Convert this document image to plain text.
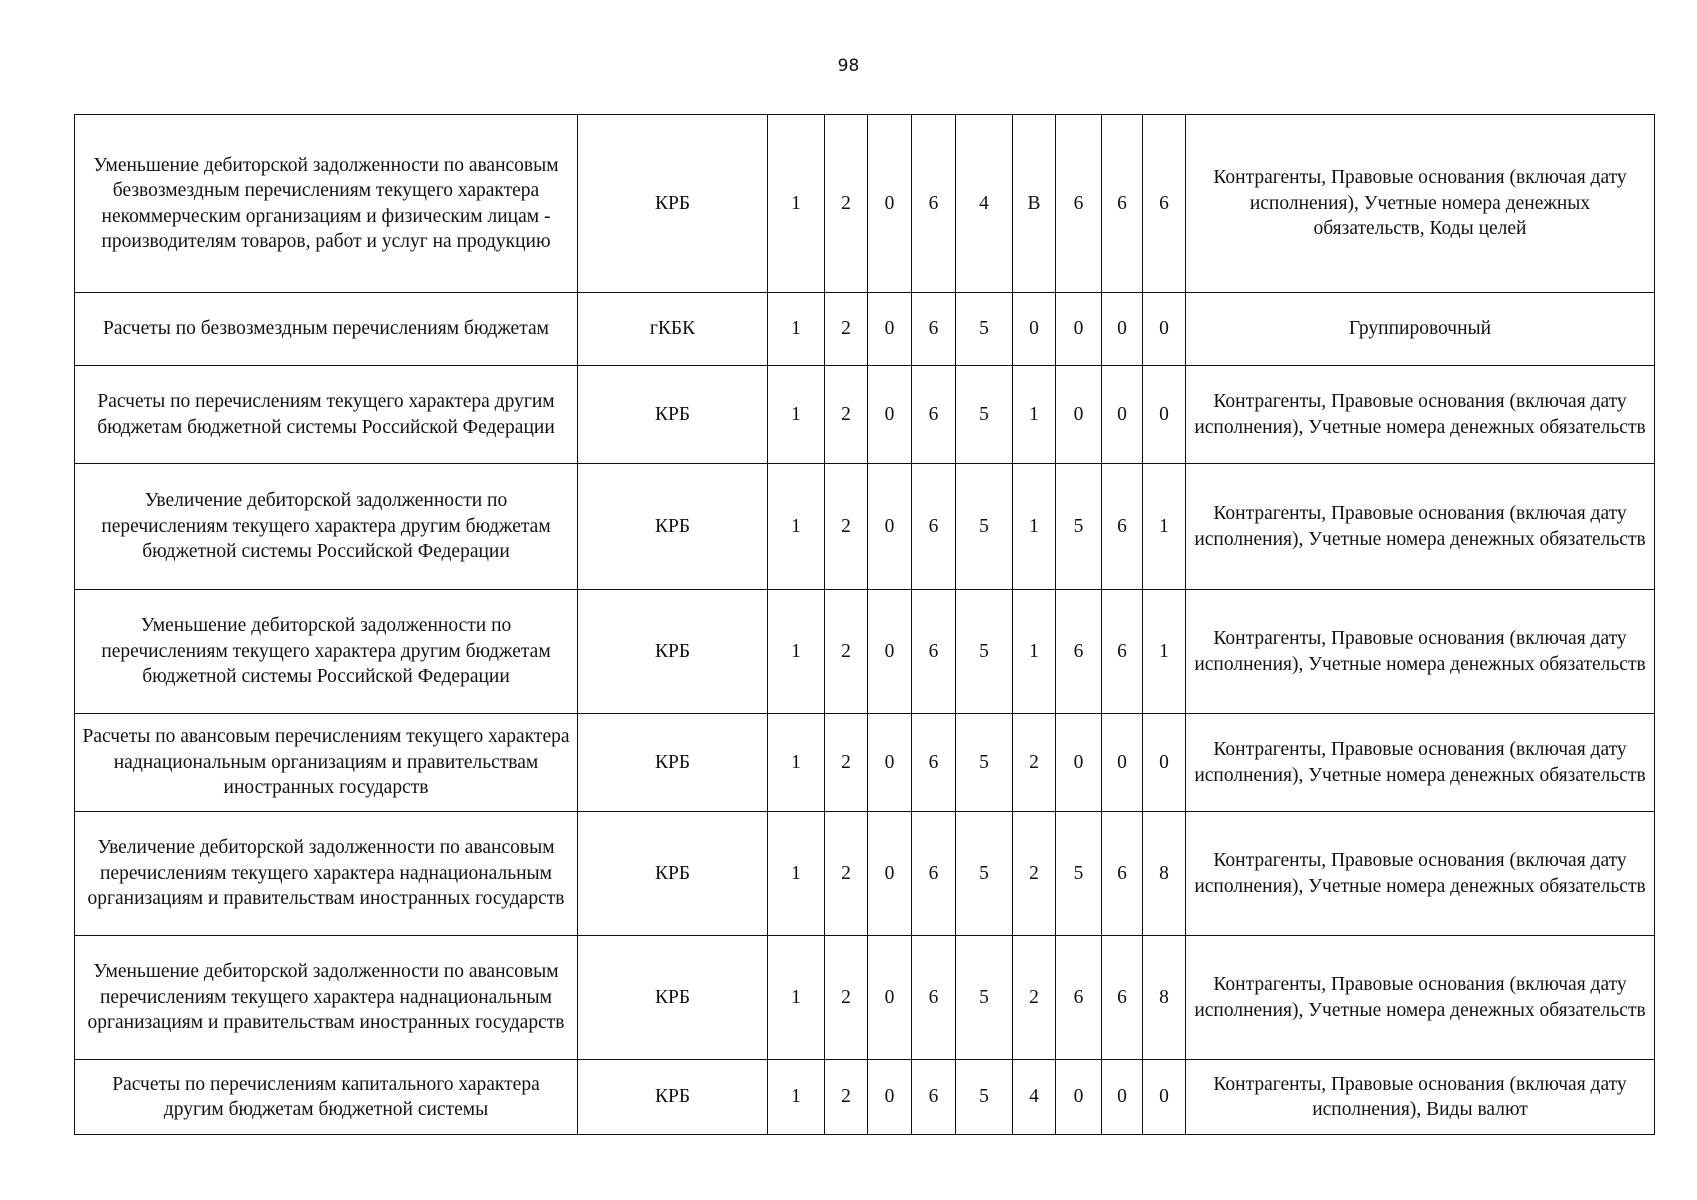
98
Уменьшение дебиторской задолженности по авансовым безвозмездным перечислениям текущего характера некоммерческим организациям и физическим лицам - производителям товаров, работ и услуг на продукцию	КРБ	1	2	0	6	4	В	6	6	6	Контрагенты, Правовые основания (включая дату исполнения), Учетные номера денежных обязательств, Коды целей
Расчеты по безвозмездным перечислениям бюджетам	гКБК	1	2	0	6	5	0	0	0	0	Группировочный
Расчеты по перечислениям текущего характера другим бюджетам бюджетной системы Российской Федерации	КРБ	1	2	0	6	5	1	0	0	0	Контрагенты, Правовые основания (включая дату исполнения), Учетные номера денежных обязательств
Увеличение дебиторской задолженности по перечислениям текущего характера другим бюджетам бюджетной системы Российской Федерации	КРБ	1	2	0	6	5	1	5	6	1	Контрагенты, Правовые основания (включая дату исполнения), Учетные номера денежных обязательств
Уменьшение дебиторской задолженности по перечислениям текущего характера другим бюджетам бюджетной системы Российской Федерации	КРБ	1	2	0	6	5	1	6	6	1	Контрагенты, Правовые основания (включая дату исполнения), Учетные номера денежных обязательств
Расчеты по авансовым перечислениям текущего характера наднациональным организациям и правительствам иностранных государств	КРБ	1	2	0	6	5	2	0	0	0	Контрагенты, Правовые основания (включая дату исполнения), Учетные номера денежных обязательств
Увеличение дебиторской задолженности по авансовым перечислениям текущего характера наднациональным организациям и правительствам иностранных государств	КРБ	1	2	0	6	5	2	5	6	8	Контрагенты, Правовые основания (включая дату исполнения), Учетные номера денежных обязательств
Уменьшение дебиторской задолженности по авансовым перечислениям текущего характера наднациональным организациям и правительствам иностранных государств	КРБ	1	2	0	6	5	2	6	6	8	Контрагенты, Правовые основания (включая дату исполнения), Учетные номера денежных обязательств
Расчеты по перечислениям капитального характера другим бюджетам бюджетной системы	КРБ	1	2	0	6	5	4	0	0	0	Контрагенты, Правовые основания (включая дату исполнения), Виды валют
